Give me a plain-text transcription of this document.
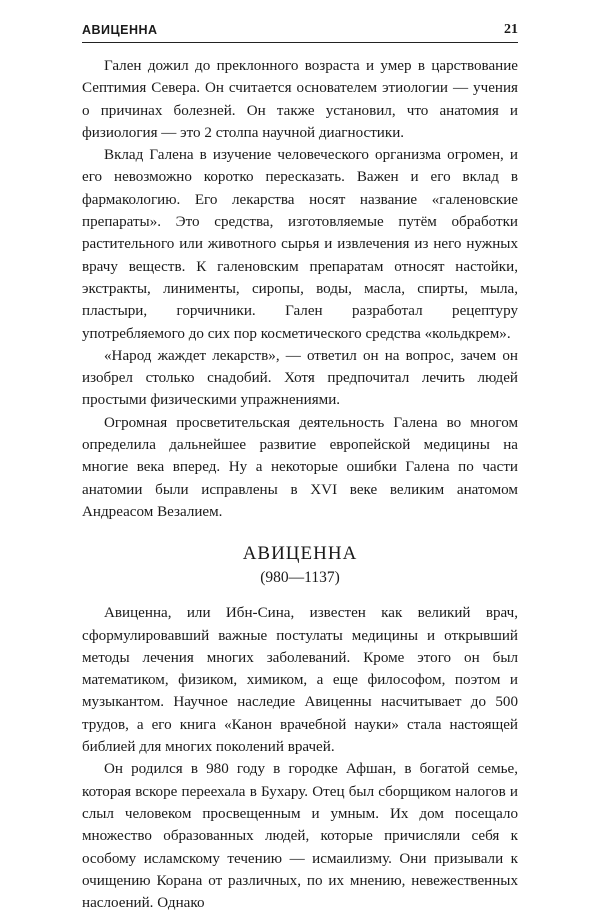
АВИЦЕННА	21

Гален дожил до преклонного возраста и умер в царствование Септимия Севера. Он считается основателем этиологии — учения о причинах болезней. Он также установил, что анатомия и физиология — это 2 столпа научной диагностики.

Вклад Галена в изучение человеческого организма огромен, и его невозможно коротко пересказать. Важен и его вклад в фармакологию. Его лекарства носят название «галеновские препараты». Это средства, изготовляемые путём обработки растительного или животного сырья и извлечения из него нужных врачу веществ. К галеновским препаратам относят настойки, экстракты, линименты, сиропы, воды, масла, спирты, мыла, пластыри, горчичники. Гален разработал рецептуру употребляемого до сих пор косметического средства «кольдкрем».

«Народ жаждет лекарств», — ответил он на вопрос, зачем он изобрел столько снадобий. Хотя предпочитал лечить людей простыми физическими упражнениями.

Огромная просветительская деятельность Галена во многом определила дальнейшее развитие европейской медицины на многие века вперед. Ну а некоторые ошибки Галена по части анатомии были исправлены в XVI веке великим анатомом Андреасом Везалием.

АВИЦЕННА
(980—1137)

Авиценна, или Ибн-Сина, известен как великий врач, сформулировавший важные постулаты медицины и открывший методы лечения многих заболеваний. Кроме этого он был математиком, физиком, химиком, а еще философом, поэтом и музыкантом. Научное наследие Авиценны насчитывает до 500 трудов, а его книга «Канон врачебной науки» стала настоящей библией для многих поколений врачей.

Он родился в 980 году в городке Афшан, в богатой семье, которая вскоре переехала в Бухару. Отец был сборщиком налогов и слыл человеком просвещенным и умным. Их дом посещало множество образованных людей, которые причисляли себя к особому исламскому течению — исмаилизму. Они призывали к очищению Корана от различных, по их мнению, невежественных наслоений. Однако
